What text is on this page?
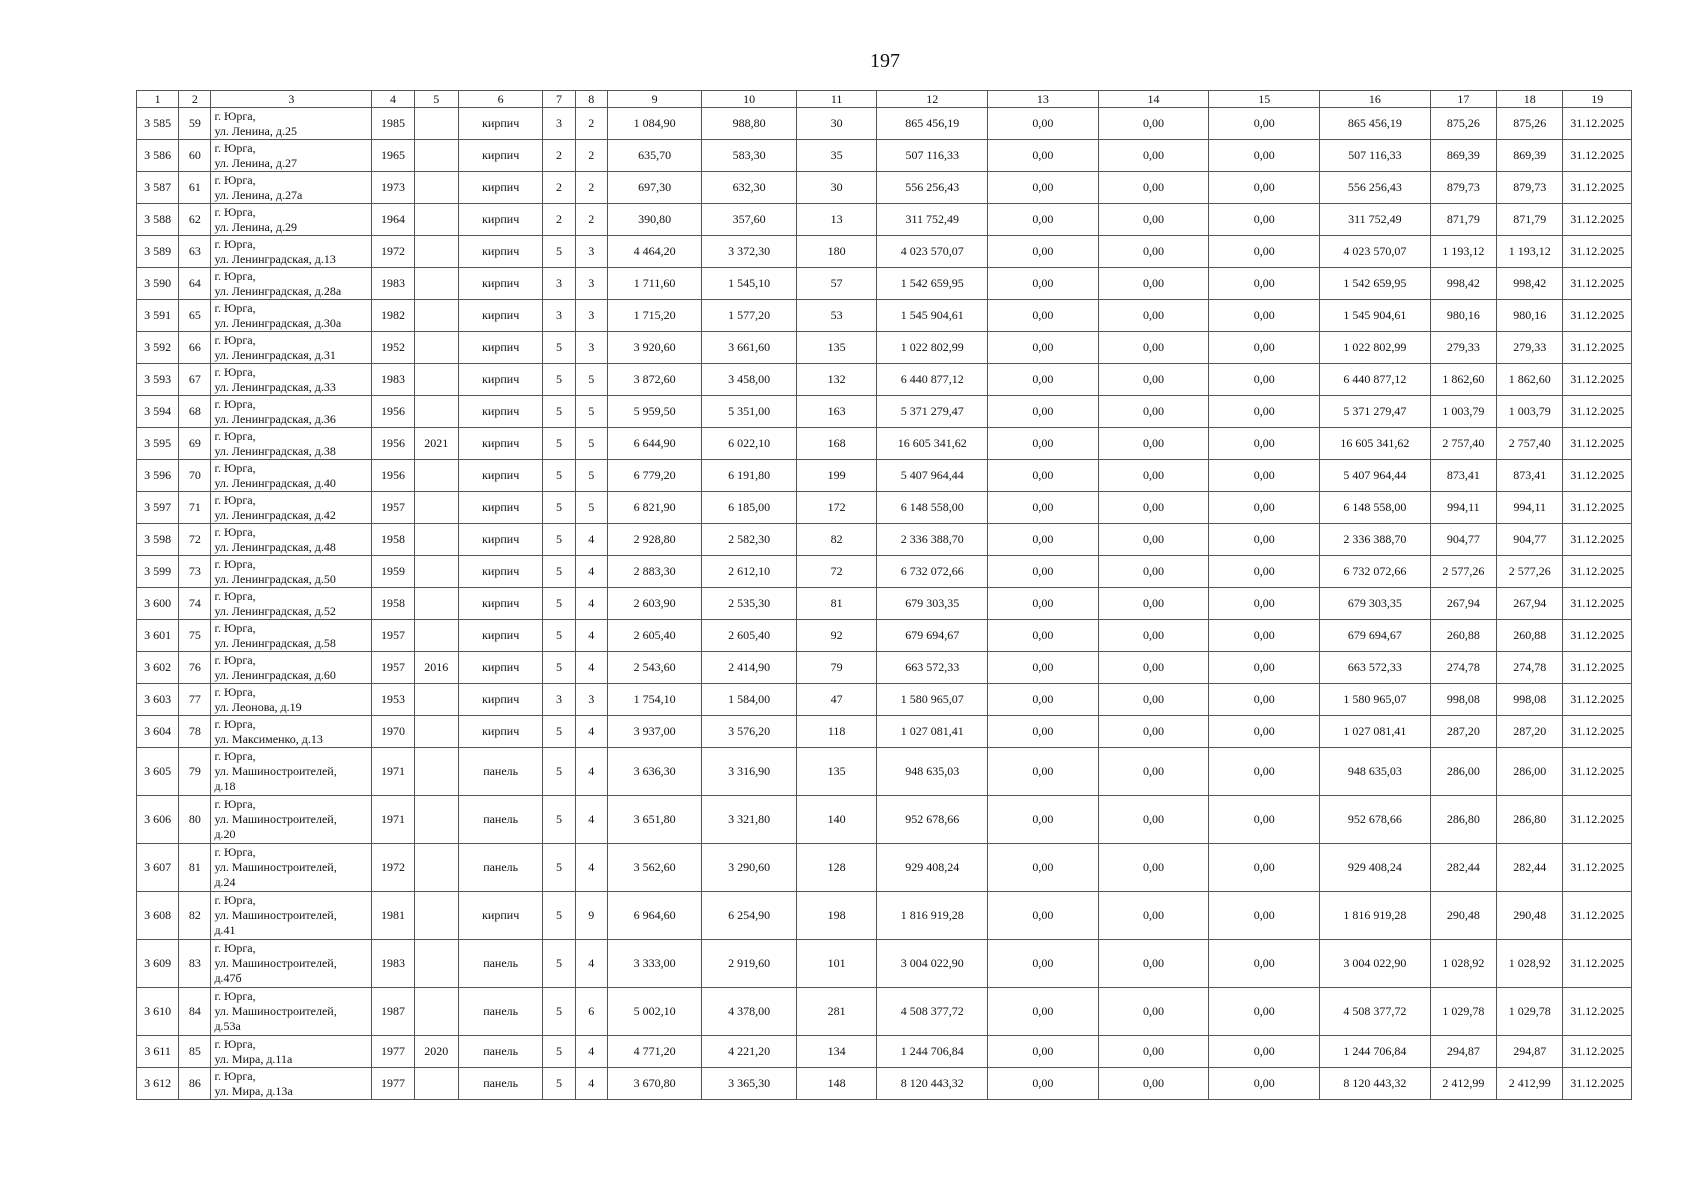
197
1	2	3	4	5	6	7	8	9	10	11	12	13	14	15	16	17	18	19
3 585	59	г. Юрга,
ул. Ленина, д.25	1985		кирпич	3	2	1 084,90	988,80	30	865 456,19	0,00	0,00	0,00	865 456,19	875,26	875,26	31.12.2025
3 586	60	г. Юрга,
ул. Ленина, д.27	1965		кирпич	2	2	635,70	583,30	35	507 116,33	0,00	0,00	0,00	507 116,33	869,39	869,39	31.12.2025
3 587	61	г. Юрга,
ул. Ленина, д.27а	1973		кирпич	2	2	697,30	632,30	30	556 256,43	0,00	0,00	0,00	556 256,43	879,73	879,73	31.12.2025
3 588	62	г. Юрга,
ул. Ленина, д.29	1964		кирпич	2	2	390,80	357,60	13	311 752,49	0,00	0,00	0,00	311 752,49	871,79	871,79	31.12.2025
3 589	63	г. Юрга,
ул. Ленинградская, д.13	1972		кирпич	5	3	4 464,20	3 372,30	180	4 023 570,07	0,00	0,00	0,00	4 023 570,07	1 193,12	1 193,12	31.12.2025
3 590	64	г. Юрга,
ул. Ленинградская, д.28а	1983		кирпич	3	3	1 711,60	1 545,10	57	1 542 659,95	0,00	0,00	0,00	1 542 659,95	998,42	998,42	31.12.2025
3 591	65	г. Юрга,
ул. Ленинградская, д.30а	1982		кирпич	3	3	1 715,20	1 577,20	53	1 545 904,61	0,00	0,00	0,00	1 545 904,61	980,16	980,16	31.12.2025
3 592	66	г. Юрга,
ул. Ленинградская, д.31	1952		кирпич	5	3	3 920,60	3 661,60	135	1 022 802,99	0,00	0,00	0,00	1 022 802,99	279,33	279,33	31.12.2025
3 593	67	г. Юрга,
ул. Ленинградская, д.33	1983		кирпич	5	5	3 872,60	3 458,00	132	6 440 877,12	0,00	0,00	0,00	6 440 877,12	1 862,60	1 862,60	31.12.2025
3 594	68	г. Юрга,
ул. Ленинградская, д.36	1956		кирпич	5	5	5 959,50	5 351,00	163	5 371 279,47	0,00	0,00	0,00	5 371 279,47	1 003,79	1 003,79	31.12.2025
3 595	69	г. Юрга,
ул. Ленинградская, д.38	1956	2021	кирпич	5	5	6 644,90	6 022,10	168	16 605 341,62	0,00	0,00	0,00	16 605 341,62	2 757,40	2 757,40	31.12.2025
3 596	70	г. Юрга,
ул. Ленинградская, д.40	1956		кирпич	5	5	6 779,20	6 191,80	199	5 407 964,44	0,00	0,00	0,00	5 407 964,44	873,41	873,41	31.12.2025
3 597	71	г. Юрга,
ул. Ленинградская, д.42	1957		кирпич	5	5	6 821,90	6 185,00	172	6 148 558,00	0,00	0,00	0,00	6 148 558,00	994,11	994,11	31.12.2025
3 598	72	г. Юрга,
ул. Ленинградская, д.48	1958		кирпич	5	4	2 928,80	2 582,30	82	2 336 388,70	0,00	0,00	0,00	2 336 388,70	904,77	904,77	31.12.2025
3 599	73	г. Юрга,
ул. Ленинградская, д.50	1959		кирпич	5	4	2 883,30	2 612,10	72	6 732 072,66	0,00	0,00	0,00	6 732 072,66	2 577,26	2 577,26	31.12.2025
3 600	74	г. Юрга,
ул. Ленинградская, д.52	1958		кирпич	5	4	2 603,90	2 535,30	81	679 303,35	0,00	0,00	0,00	679 303,35	267,94	267,94	31.12.2025
3 601	75	г. Юрга,
ул. Ленинградская, д.58	1957		кирпич	5	4	2 605,40	2 605,40	92	679 694,67	0,00	0,00	0,00	679 694,67	260,88	260,88	31.12.2025
3 602	76	г. Юрга,
ул. Ленинградская, д.60	1957	2016	кирпич	5	4	2 543,60	2 414,90	79	663 572,33	0,00	0,00	0,00	663 572,33	274,78	274,78	31.12.2025
3 603	77	г. Юрга,
ул. Леонова, д.19	1953		кирпич	3	3	1 754,10	1 584,00	47	1 580 965,07	0,00	0,00	0,00	1 580 965,07	998,08	998,08	31.12.2025
3 604	78	г. Юрга,
ул. Максименко, д.13	1970		кирпич	5	4	3 937,00	3 576,20	118	1 027 081,41	0,00	0,00	0,00	1 027 081,41	287,20	287,20	31.12.2025
3 605	79	г. Юрга,
ул. Машиностроителей,
д.18	1971		панель	5	4	3 636,30	3 316,90	135	948 635,03	0,00	0,00	0,00	948 635,03	286,00	286,00	31.12.2025
3 606	80	г. Юрга,
ул. Машиностроителей,
д.20	1971		панель	5	4	3 651,80	3 321,80	140	952 678,66	0,00	0,00	0,00	952 678,66	286,80	286,80	31.12.2025
3 607	81	г. Юрга,
ул. Машиностроителей,
д.24	1972		панель	5	4	3 562,60	3 290,60	128	929 408,24	0,00	0,00	0,00	929 408,24	282,44	282,44	31.12.2025
3 608	82	г. Юрга,
ул. Машиностроителей,
д.41	1981		кирпич	5	9	6 964,60	6 254,90	198	1 816 919,28	0,00	0,00	0,00	1 816 919,28	290,48	290,48	31.12.2025
3 609	83	г. Юрга,
ул. Машиностроителей,
д.47б	1983		панель	5	4	3 333,00	2 919,60	101	3 004 022,90	0,00	0,00	0,00	3 004 022,90	1 028,92	1 028,92	31.12.2025
3 610	84	г. Юрга,
ул. Машиностроителей,
д.53а	1987		панель	5	6	5 002,10	4 378,00	281	4 508 377,72	0,00	0,00	0,00	4 508 377,72	1 029,78	1 029,78	31.12.2025
3 611	85	г. Юрга,
ул. Мира, д.11а	1977	2020	панель	5	4	4 771,20	4 221,20	134	1 244 706,84	0,00	0,00	0,00	1 244 706,84	294,87	294,87	31.12.2025
3 612	86	г. Юрга,
ул. Мира, д.13а	1977		панель	5	4	3 670,80	3 365,30	148	8 120 443,32	0,00	0,00	0,00	8 120 443,32	2 412,99	2 412,99	31.12.2025
